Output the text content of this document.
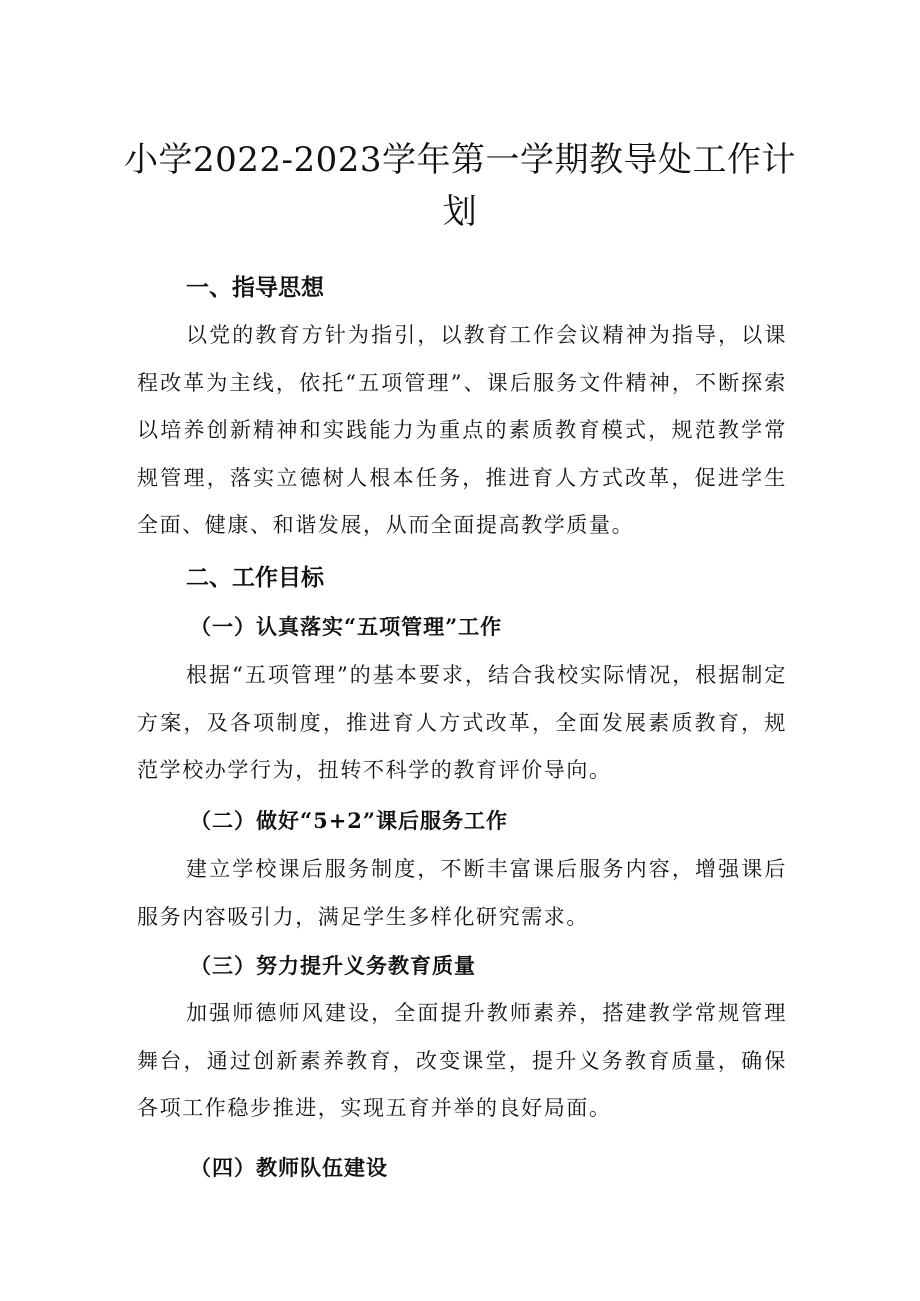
小学2022-2023学年第一学期教导处工作计划
一、指导思想

以党的教育方针为指引，以教育工作会议精神为指导，以课程改革为主线，依托“五项管理”、课后服务文件精神，不断探索以培养创新精神和实践能力为重点的素质教育模式，规范教学常规管理，落实立德树人根本任务，推进育人方式改革，促进学生全面、健康、和谐发展，从而全面提高教学质量。

二、工作目标
（一）认真落实“五项管理”工作

根据“五项管理”的基本要求，结合我校实际情况，根据制定方案，及各项制度，推进育人方式改革，全面发展素质教育，规范学校办学行为，扭转不科学的教育评价导向。

（二）做好“5+2”课后服务工作

建立学校课后服务制度，不断丰富课后服务内容，增强课后服务内容吸引力，满足学生多样化研究需求。

（三）努力提升义务教育质量

加强师德师风建设，全面提升教师素养，搭建教学常规管理舞台，通过创新素养教育，改变课堂，提升义务教育质量，确保各项工作稳步推进，实现五育并举的良好局面。

（四）教师队伍建设
